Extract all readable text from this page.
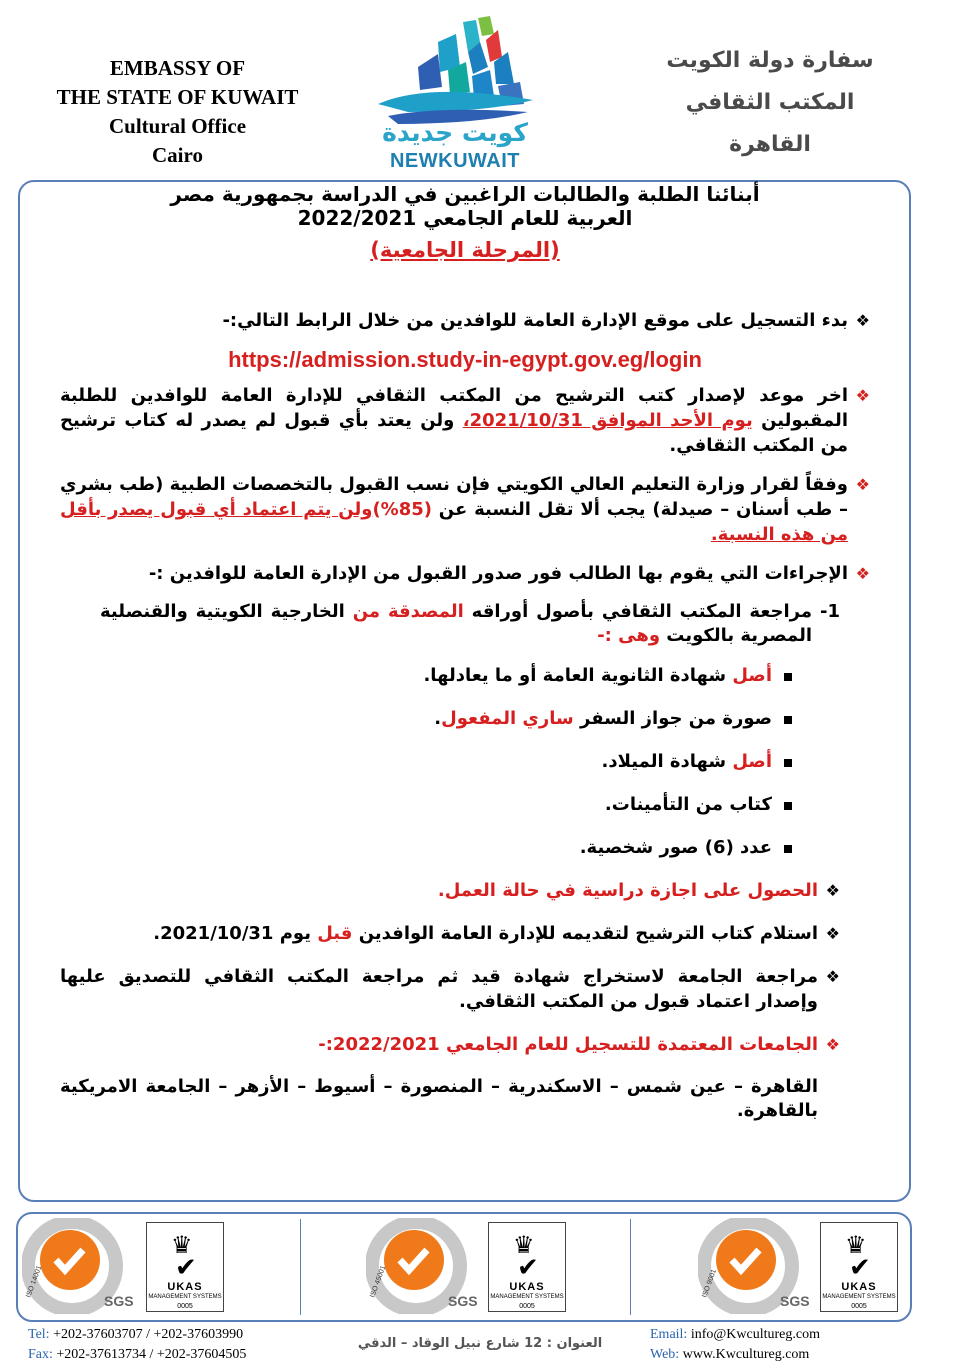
EMBASSY OF
THE STATE OF KUWAIT
Cultural Office
Cairo
كويت جديدة
NEWKUWAIT
سفارة دولة الكويت
المكتب الثقافي
القاهرة

أبنائنا الطلبة والطالبات الراغبين في الدراسة بجمهورية مصر

العربية للعام الجامعي 2022/2021

(المرحلة الجامعية)

❖
بدء التسجيل على موقع الإدارة العامة للوافدين من خلال الرابط التالي:-
https://admission.study-in-egypt.gov.eg/login
❖
اخر موعد لإصدار كتب الترشيح من المكتب الثقافي للإدارة العامة للوافدين للطلبة المقبولين يوم الأحد الموافق 2021/10/31، ولن يعتد بأي قبول لم يصدر له كتاب ترشيح من المكتب الثقافي.
❖
وفقاً لقرار وزارة التعليم العالي الكويتي فإن نسب القبول بالتخصصات الطبية (طب بشري – طب أسنان – صيدلة) يجب ألا تقل النسبة عن (85%)ولن يتم اعتماد أي قبول يصدر بأقل من هذه النسبة.
❖
الإجراءات التي يقوم بها الطالب فور صدور القبول من الإدارة العامة للوافدين :-
1-
مراجعة المكتب الثقافي بأصول أوراقه المصدقة من الخارجية الكويتية والقنصلية المصرية بالكويت وهى :-
أصل شهادة الثانوية العامة أو ما يعادلها.
صورة من جواز السفر ساري المفعول.
أصل شهادة الميلاد.
كتاب من التأمينات.
عدد (6) صور شخصية.
❖
الحصول على اجازة دراسية في حالة العمل.
❖
استلام كتاب الترشيح لتقديمه للإدارة العامة الوافدين قبل يوم 2021/10/31.
❖
مراجعة الجامعة لاستخراج شهادة قيد ثم مراجعة المكتب الثقافي للتصديق عليها وإصدار اعتماد قبول من المكتب الثقافي.
❖
الجامعات المعتمدة للتسجيل للعام الجامعي 2022/2021:-
القاهرة – عين شمس – الاسكندرية – المنصورة – أسيوط – الأزهر – الجامعة الامريكية بالقاهرة.
SGS
ISO 14001
♛
✔
UKAS
MANAGEMENT SYSTEMS
0005	SGS
ISO 45001
♛
✔
UKAS
MANAGEMENT SYSTEMS
0005	SGS
ISO 9001
♛
✔
UKAS
MANAGEMENT SYSTEMS
0005
Tel: +202-37603707 / +202-37603990
Fax: +202-37613734 / +202-37604505
العنوان : 12 شارع نبيل الوقاد – الدقي
Email: info@Kwcultureg.com
Web: www.Kwcultureg.com
